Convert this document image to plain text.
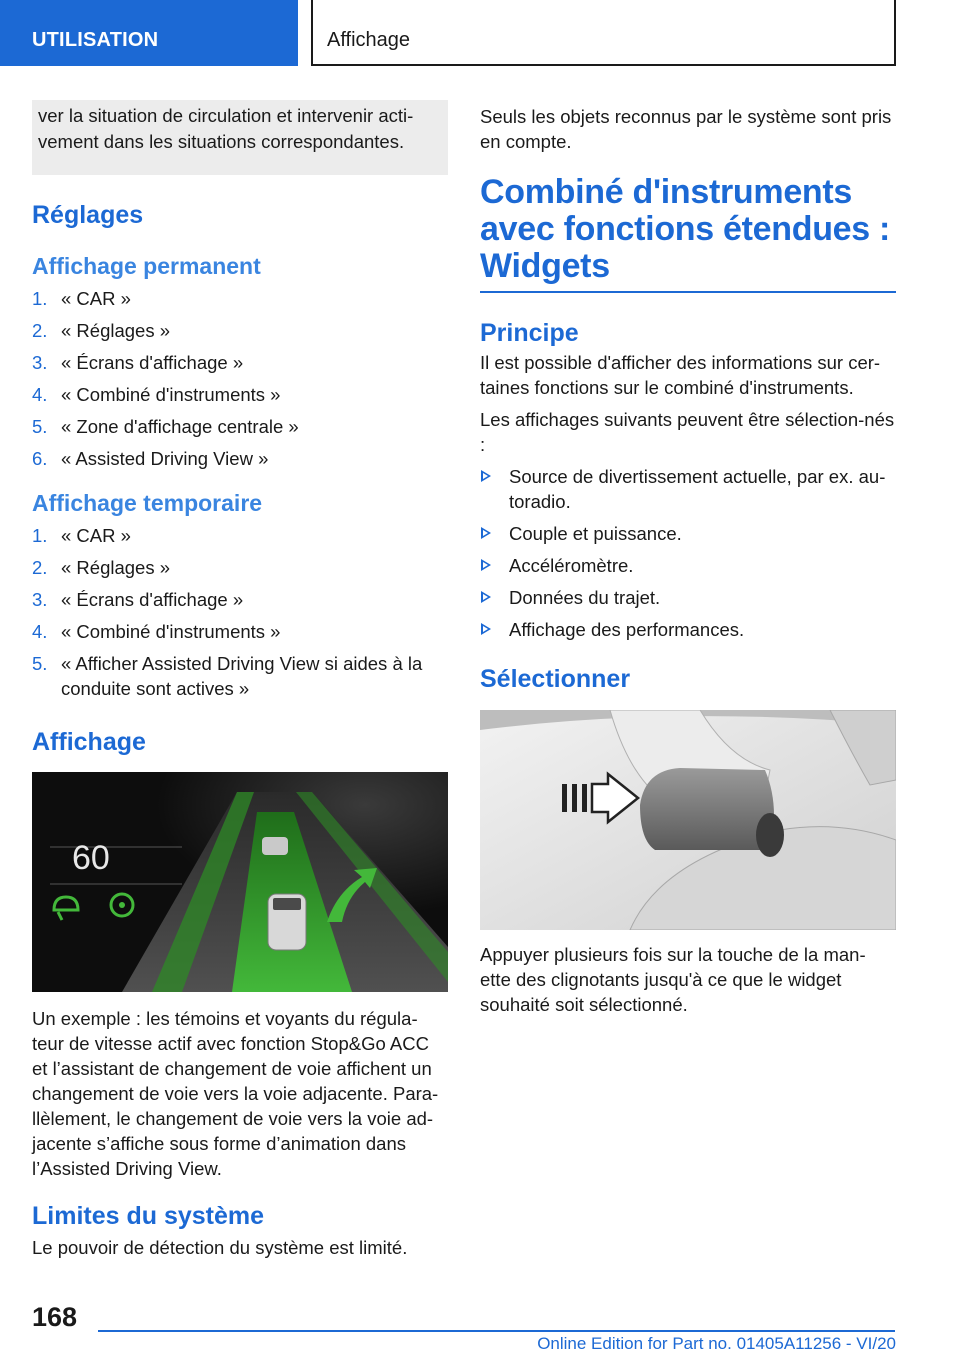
UTILISATION	Affichage

ver la situation de circulation et intervenir acti-vement dans les situations correspondantes.

Réglages
Affichage permanent
1. « CAR »
2. « Réglages »
3. « Écrans d'affichage »
4. « Combiné d'instruments »
5. « Zone d'affichage centrale »
6. « Assisted Driving View »
Affichage temporaire
1. « CAR »
2. « Réglages »
3. « Écrans d'affichage »
4. « Combiné d'instruments »
5. « Afficher Assisted Driving View si aides à la conduite sont actives »
Affichage
60

Un exemple : les témoins et voyants du régula-teur de vitesse actif avec fonction Stop&Go ACC et l’assistant de changement de voie affichent un changement de voie vers la voie adjacente. Para-llèlement, le changement de voie vers la voie ad-jacente s’affiche sous forme d’animation dans l’Assisted Driving View.

Limites du système

Le pouvoir de détection du système est limité.

Seuls les objets reconnus par le système sont pris en compte.

Combiné d'instruments avec fonctions étendues : Widgets
Principe

Il est possible d'afficher des informations sur cer-taines fonctions sur le combiné d'instruments.

Les affichages suivants peuvent être sélection-nés :

Source de divertissement actuelle, par ex. au-toradio.
Couple et puissance.
Accéléromètre.
Données du trajet.
Affichage des performances.
Sélectionner

Appuyer plusieurs fois sur la touche de la man-ette des clignotants jusqu'à ce que le widget souhaité soit sélectionné.

168
Online Edition for Part no. 01405A11256 - VI/20
